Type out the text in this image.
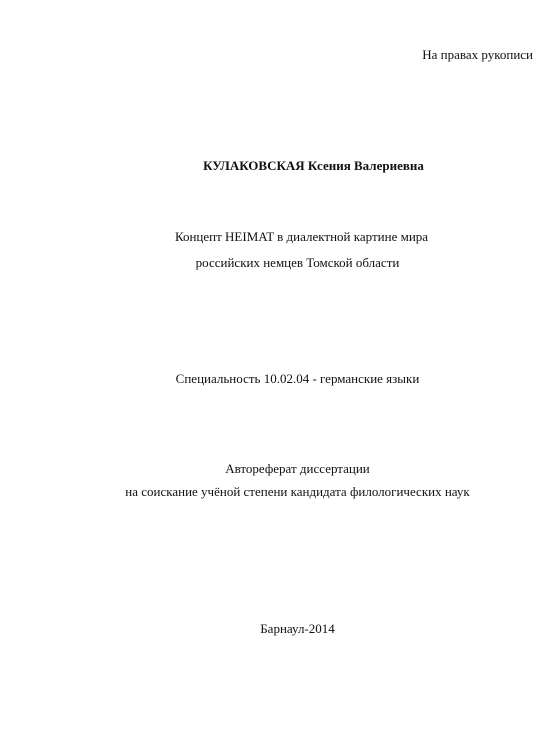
На правах рукописи
КУЛАКОВСКАЯ Ксения Валериевна
Концепт HEIMAT в диалектной картине мира
российских немцев Томской области
Специальность 10.02.04 - германские языки
Автореферат диссертации
на соискание учёной степени кандидата филологических наук
Барнаул-2014
